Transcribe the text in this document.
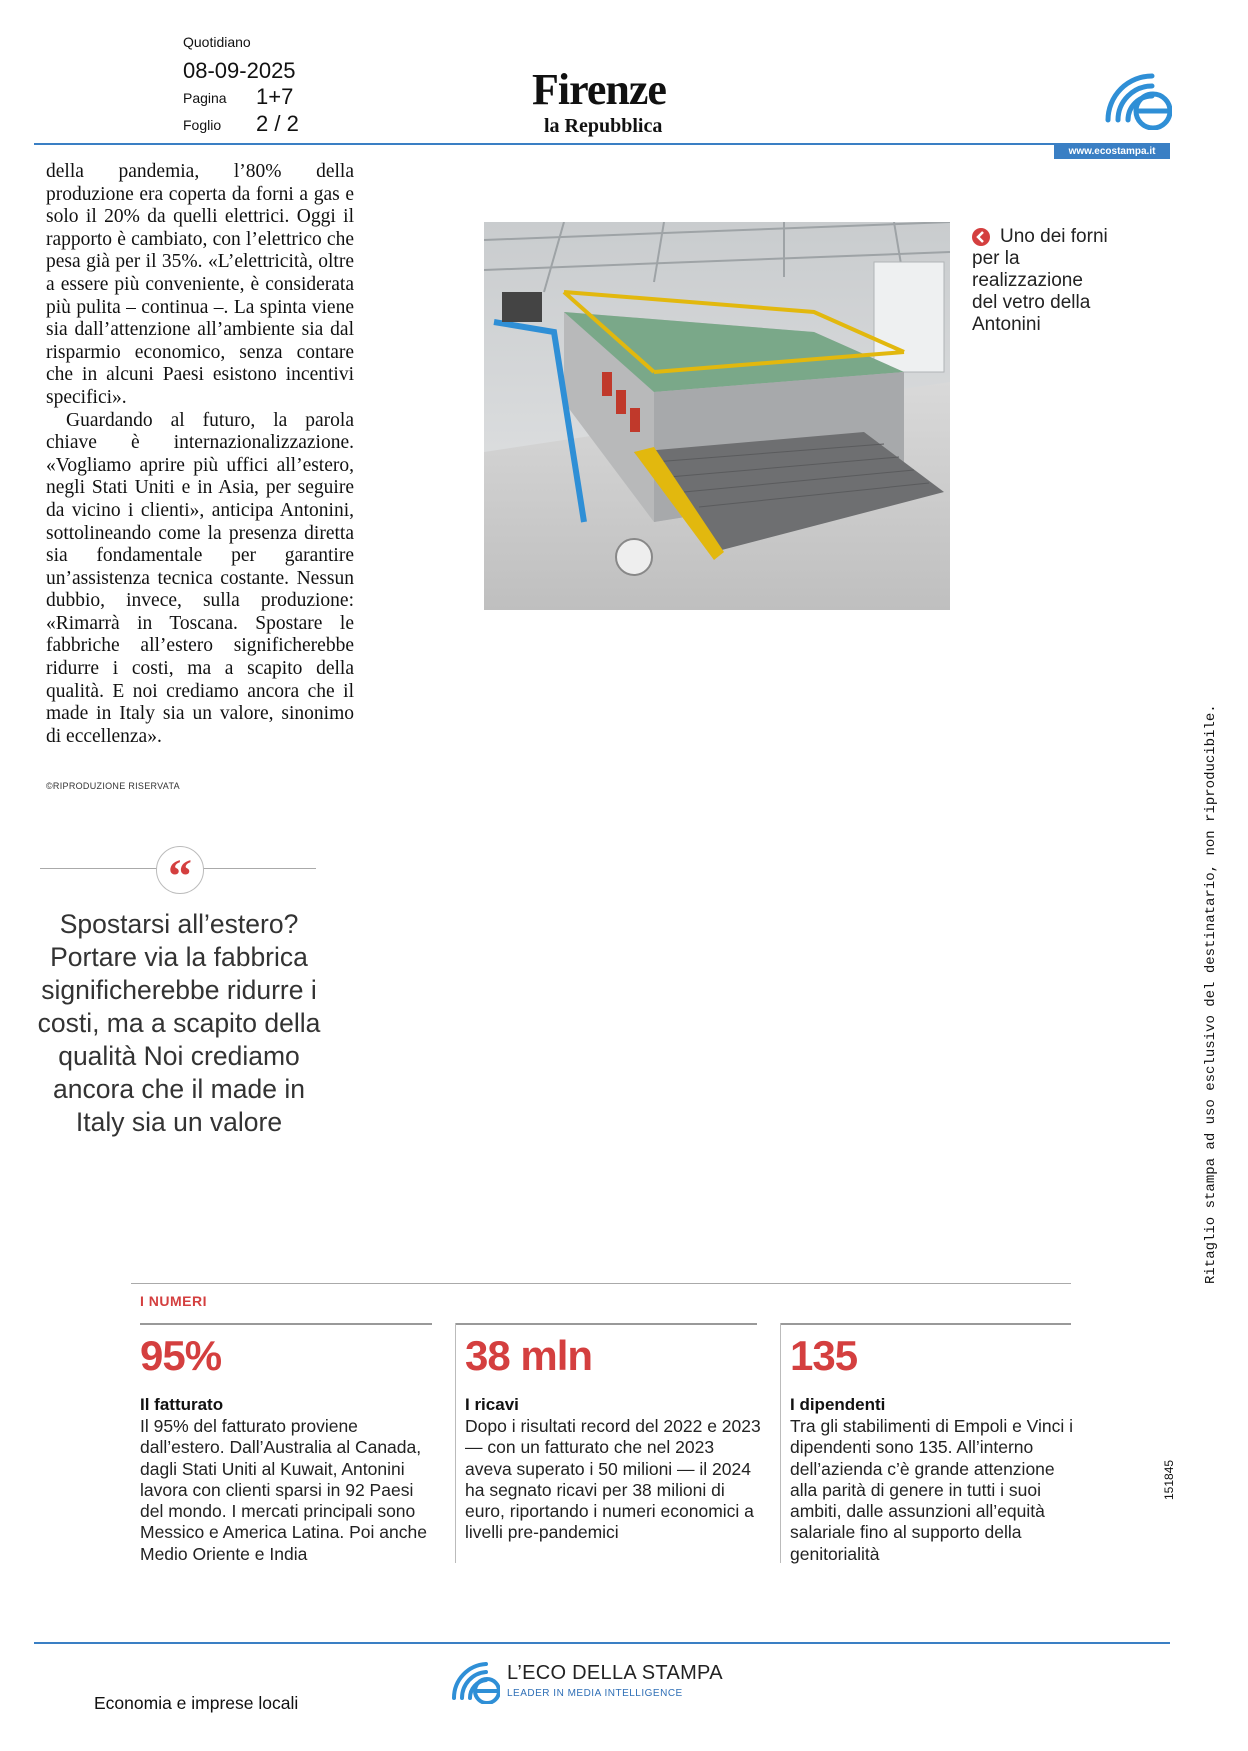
Quotidiano
08-09-2025
Pagina 1+7
Foglio 2 / 2
Firenze
la Repubblica
www.ecostampa.it

della pandemia, l’80% della produzione era coperta da forni a gas e solo il 20% da quelli elettrici. Oggi il rapporto è cambiato, con l’elettrico che pesa già per il 35%. «L’elettricità, oltre a essere più conveniente, è considerata più pulita – continua –. La spinta viene sia dall’attenzione all’ambiente sia dal risparmio economico, senza contare che in alcuni Paesi esistono incentivi specifici».

Guardando al futuro, la parola chiave è internazionalizzazione. «Vogliamo aprire più uffici all’estero, negli Stati Uniti e in Asia, per seguire da vicino i clienti», anticipa Antonini, sottolineando come la presenza diretta sia fondamentale per garantire un’assistenza tecnica costante. Nessun dubbio, invece, sulla produzione: «Rimarrà in Toscana. Spostare le fabbriche all’estero significherebbe ridurre i costi, ma a scapito della qualità. E noi crediamo ancora che il made in Italy sia un valore, sinonimo di eccellenza».

©RIPRODUZIONE RISERVATA
“
Spostarsi all’estero? Portare via la fabbrica significherebbe ridurre i costi, ma a scapito della qualità Noi crediamo ancora che il made in Italy sia un valore
Uno dei forni per la realizzazione del vetro della Antonini
I NUMERI
95%
Il fatturato
Il 95% del fatturato proviene dall’estero. Dall’Australia al Canada, dagli Stati Uniti al Kuwait, Antonini lavora con clienti sparsi in 92 Paesi del mondo. I mercati principali sono Messico e America Latina. Poi anche Medio Oriente e India
38 mln
I ricavi
Dopo i risultati record del 2022 e 2023 — con un fatturato che nel 2023 aveva superato i 50 milioni — il 2024 ha segnato ricavi per 38 milioni di euro, riportando i numeri economici a livelli pre-pandemici
135
I dipendenti
Tra gli stabilimenti di Empoli e Vinci i dipendenti sono 135. All’interno dell’azienda c’è grande attenzione alla parità di genere in tutti i suoi ambiti, dalle assunzioni all’equità salariale fino al supporto della genitorialità
Ritaglio stampa ad uso esclusivo del destinatario, non riproducibile.
151845
L’ECO DELLA STAMPA
LEADER IN MEDIA INTELLIGENCE
Economia e imprese locali
